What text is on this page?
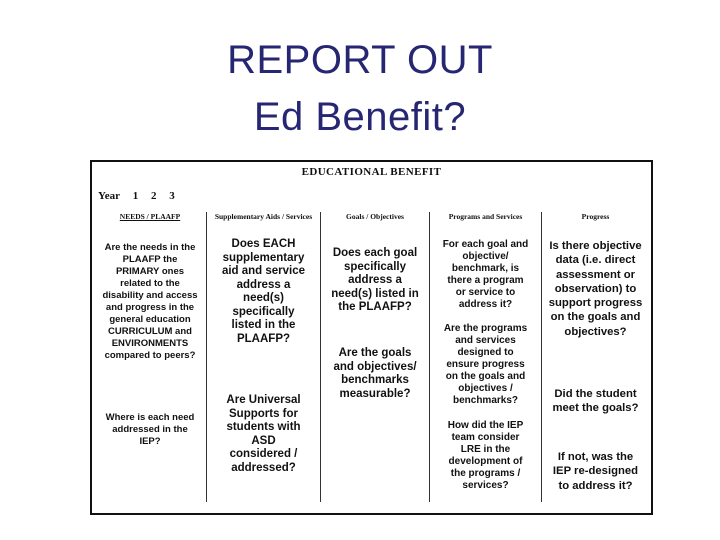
REPORT OUT
Ed Benefit?
EDUCATIONAL BENEFIT
Year 1 2 3
NEEDS / PLAAFP
Are the needs in the PLAAFP the PRIMARY ones related to the disability and access and progress in the general education CURRICULUM and ENVIRONMENTS compared to peers?
Where is each need addressed in the IEP?
Supplementary Aids / Services
Does EACH supplementary aid and service address a need(s) specifically listed in the PLAAFP?
Are Universal Supports for students with ASD considered / addressed?
Goals / Objectives
Does each goal specifically address a need(s) listed in the PLAAFP?
Are the goals and objectives/ benchmarks measurable?
Programs and Services
For each goal and objective/ benchmark, is there a program or service to address it?
Are the programs and services designed to ensure progress on the goals and objectives / benchmarks?
How did the IEP team consider LRE in the development of the programs / services?
Progress
Is there objective data (i.e. direct assessment or observation) to support progress on the goals and objectives?
Did the student meet the goals?
If not, was the IEP re-designed to address it?
